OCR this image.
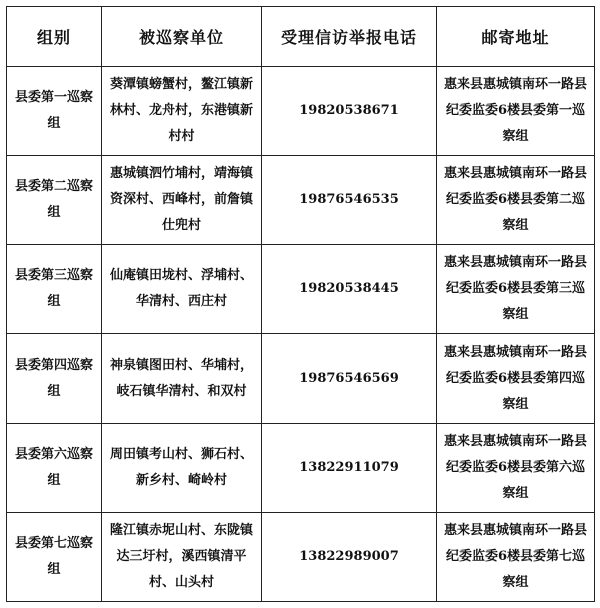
组别	被巡察单位	受理信访举报电话	邮寄地址
县委第一巡察组	葵潭镇螃蟹村，鳌江镇新林村、龙舟村，东港镇新村村	19820538671	惠来县惠城镇南环一路县纪委监委6楼县委第一巡察组
县委第二巡察组	惠城镇泗竹埔村，靖海镇资深村、西峰村，前詹镇仕兜村	19876546535	惠来县惠城镇南环一路县纪委监委6楼县委第二巡察组
县委第三巡察组	仙庵镇田垅村、浮埔村、华清村、西庄村	19820538445	惠来县惠城镇南环一路县纪委监委6楼县委第三巡察组
县委第四巡察组	神泉镇图田村、华埔村，岐石镇华清村、和双村	19876546569	惠来县惠城镇南环一路县纪委监委6楼县委第四巡察组
县委第六巡察组	周田镇考山村、狮石村、新乡村、崎岭村	13822911079	惠来县惠城镇南环一路县纪委监委6楼县委第六巡察组
县委第七巡察组	隆江镇赤坭山村、东陇镇达三圩村，溪西镇清平村、山头村	13822989007	惠来县惠城镇南环一路县纪委监委6楼县委第七巡察组
